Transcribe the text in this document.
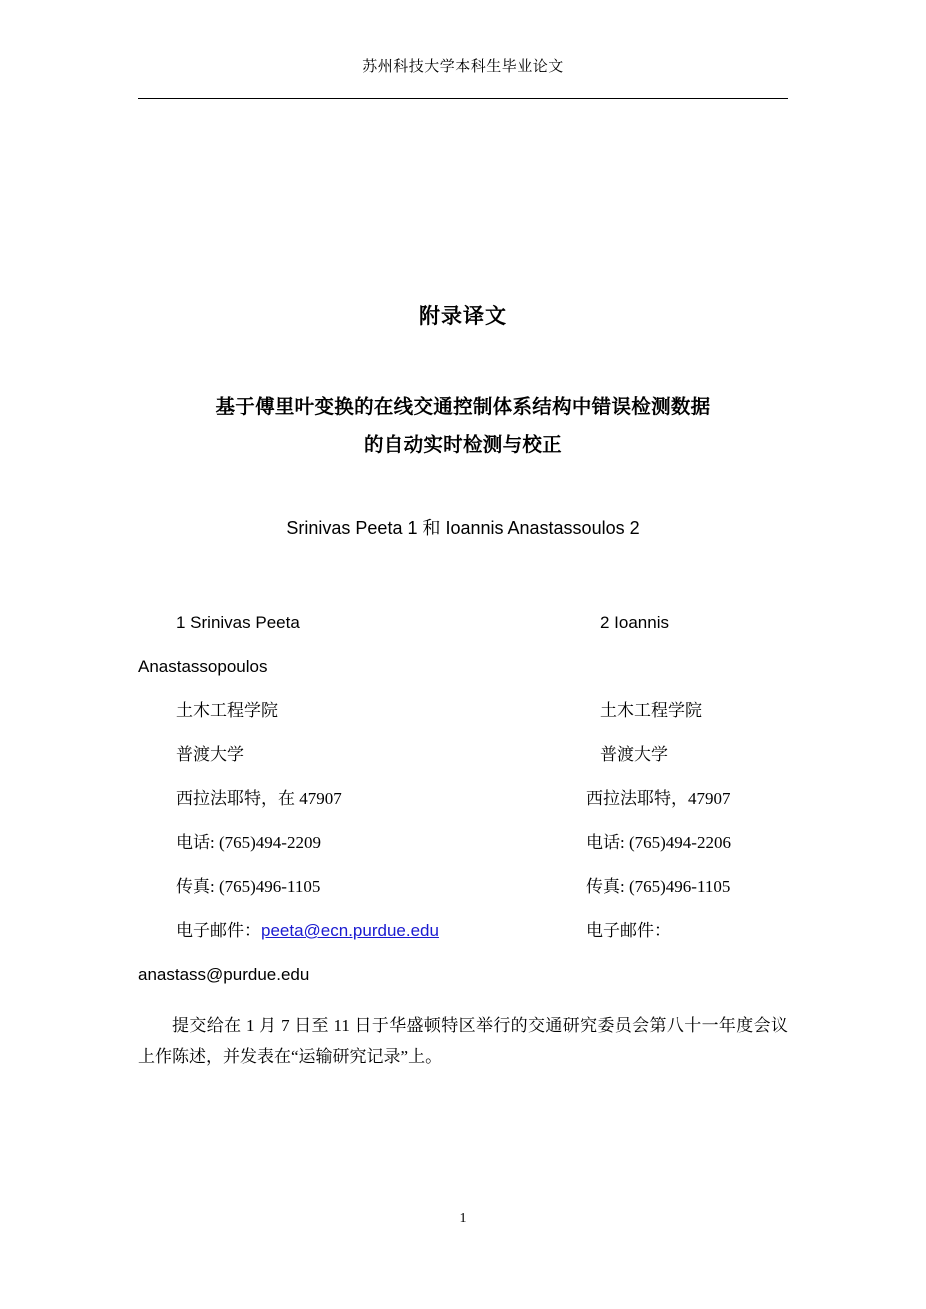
苏州科技大学本科生毕业论文
附录译文
基于傅里叶变换的在线交通控制体系结构中错误检测数据
的自动实时检测与校正
Srinivas Peeta 1 和 Ioannis Anastassoulos 2
1 Srinivas Peeta	2 Ioannis
Anastassopoulos
土木工程学院	土木工程学院
普渡大学	普渡大学
西拉法耶特，在 47907	西拉法耶特，47907
电话: (765)494-2209	电话: (765)494-2206
传真: (765)496-1105	传真: (765)496-1105
电子邮件：peeta@ecn.purdue.edu	电子邮件：
anastass@purdue.edu
提交给在 1 月 7 日至 11 日于华盛顿特区举行的交通研究委员会第八十一年度会议上作陈述，并发表在“运输研究记录”上。
1
